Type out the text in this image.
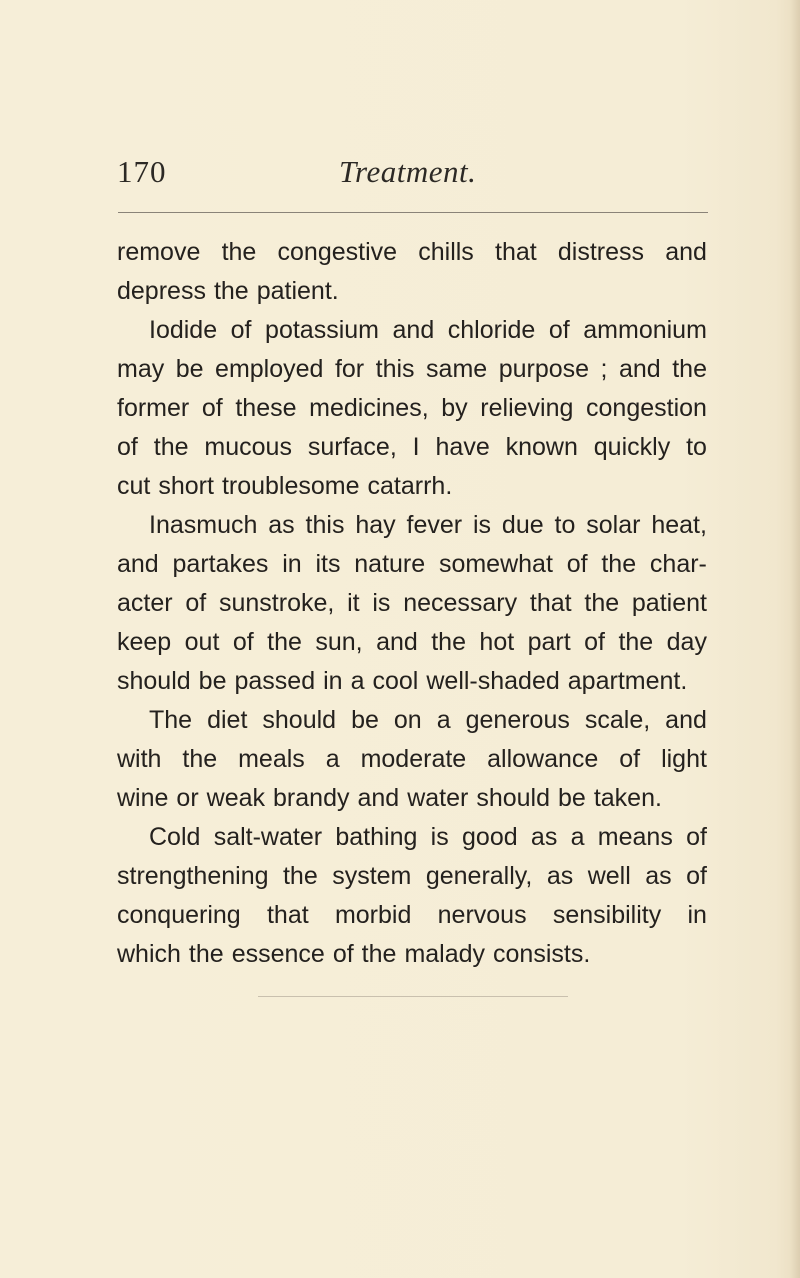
170	Treatment.
remove the congestive chills that distress and
depress the patient.
Iodide of potassium and chloride of ammonium
may be employed for this same purpose ; and the
former of these medicines, by relieving congestion
of the mucous surface, I have known quickly to
cut short troublesome catarrh.
Inasmuch as this hay fever is due to solar heat,
and partakes in its nature somewhat of the char-
acter of sunstroke, it is necessary that the patient
keep out of the sun, and the hot part of the day
should be passed in a cool well-shaded apartment.
The diet should be on a generous scale, and
with the meals a moderate allowance of light
wine or weak brandy and water should be taken.
Cold salt-water bathing is good as a means of
strengthening the system generally, as well as of
conquering that morbid nervous sensibility in
which the essence of the malady consists.
